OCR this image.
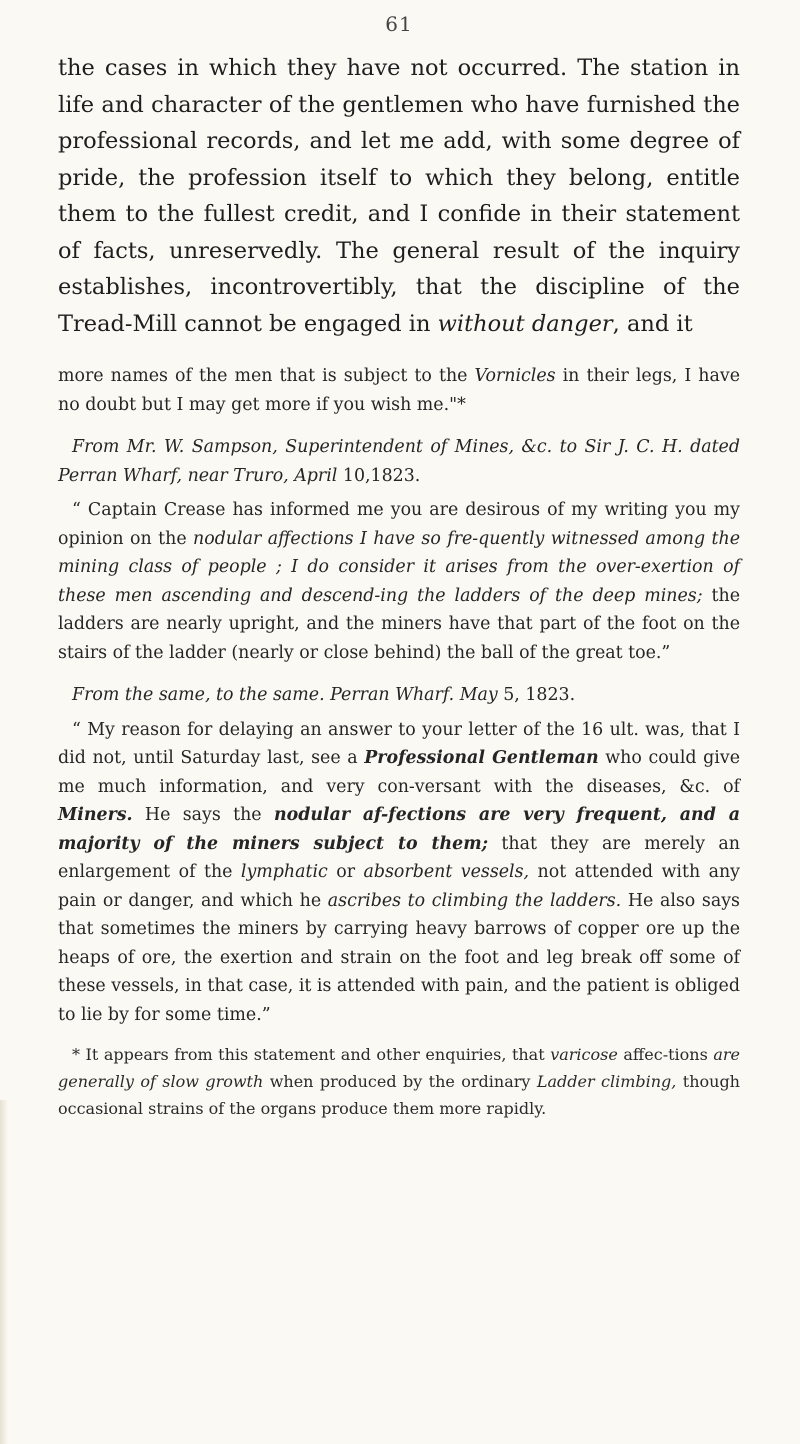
61

the cases in which they have not occurred. The station in life and character of the gentlemen who have furnished the professional records, and let me add, with some degree of pride, the profession itself to which they belong, entitle them to the fullest credit, and I confide in their statement of facts, unreservedly. The general result of the inquiry establishes, incontrovertibly, that the discipline of the Tread-Mill cannot be engaged in without danger, and it

more names of the men that is subject to the Vornicles in their legs, I have no doubt but I may get more if you wish me."*

From Mr. W. Sampson, Superintendent of Mines, &c. to Sir J. C. H. dated Perran Wharf, near Truro, April 10,1823.

“ Captain Crease has informed me you are desirous of my writing you my opinion on the nodular affections I have so fre-quently witnessed among the mining class of people ; I do consider it arises from the over-exertion of these men ascending and descend-ing the ladders of the deep mines; the ladders are nearly upright, and the miners have that part of the foot on the stairs of the ladder (nearly or close behind) the ball of the great toe.”

From the same, to the same. Perran Wharf. May 5, 1823.

“ My reason for delaying an answer to your letter of the 16 ult. was, that I did not, until Saturday last, see a Professional Gentleman who could give me much information, and very con-versant with the diseases, &c. of Miners. He says the nodular af-fections are very frequent, and a majority of the miners subject to them; that they are merely an enlargement of the lymphatic or absorbent vessels, not attended with any pain or danger, and which he ascribes to climbing the ladders. He also says that sometimes the miners by carrying heavy barrows of copper ore up the heaps of ore, the exertion and strain on the foot and leg break off some of these vessels, in that case, it is attended with pain, and the patient is obliged to lie by for some time.”

* It appears from this statement and other enquiries, that varicose affec-tions are generally of slow growth when produced by the ordinary Ladder climbing, though occasional strains of the organs produce them more rapidly.
